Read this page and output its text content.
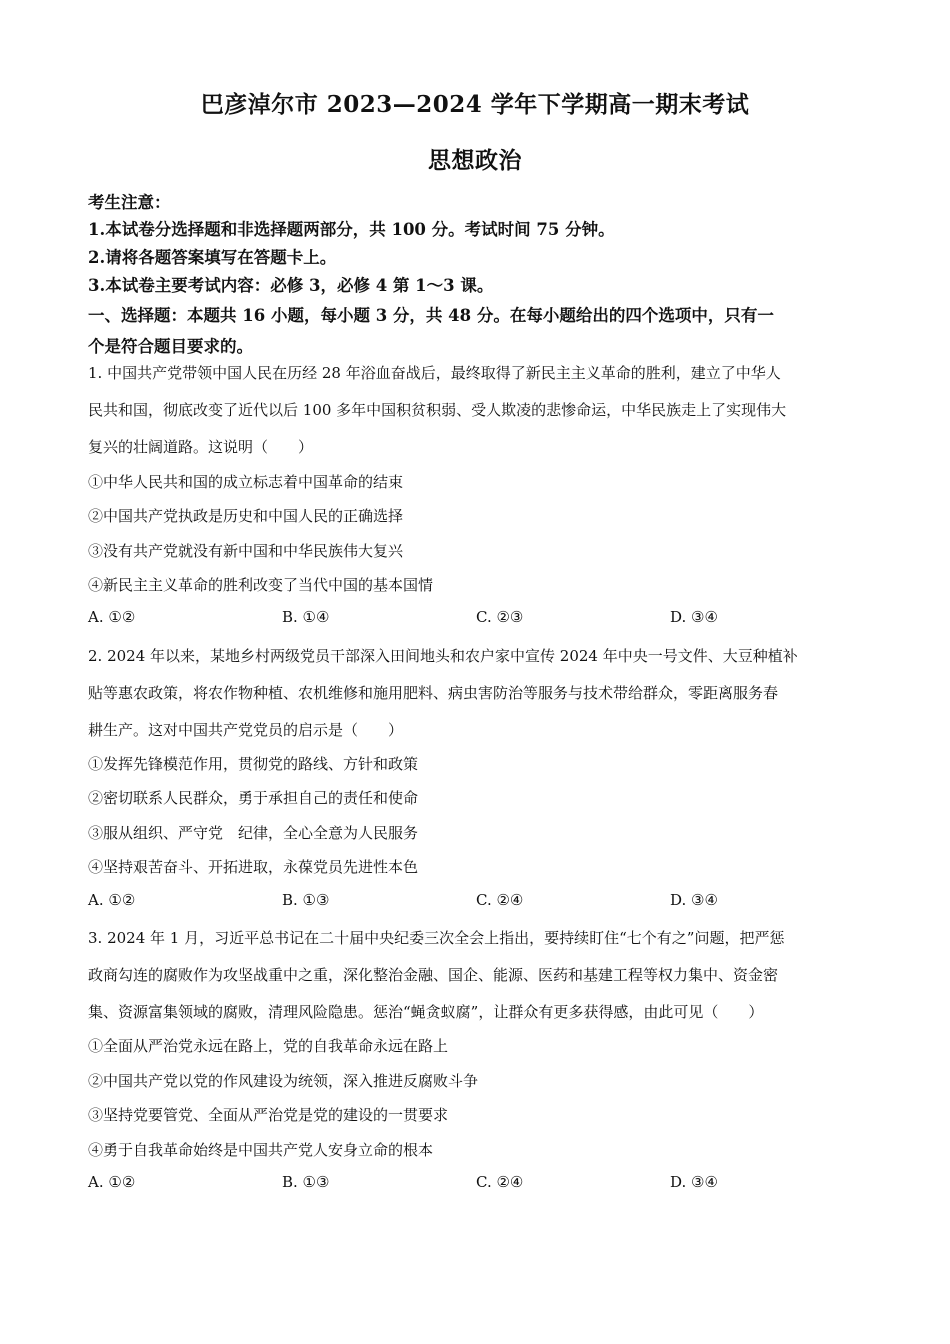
巴彦淖尔市 2023—2024 学年下学期高一期末考试
思想政治
考生注意：
1.本试卷分选择题和非选择题两部分，共 100 分。考试时间 75 分钟。
2.请将各题答案填写在答题卡上。
3.本试卷主要考试内容：必修 3，必修 4 第 1～3 课。
一、选择题：本题共 16 小题，每小题 3 分，共 48 分。在每小题给出的四个选项中，只有一
个是符合题目要求的。
1. 中国共产党带领中国人民在历经 28 年浴血奋战后，最终取得了新民主主义革命的胜利，建立了中华人
民共和国，彻底改变了近代以后 100 多年中国积贫积弱、受人欺凌的悲惨命运，中华民族走上了实现伟大
复兴的壮阔道路。这说明（　　）
①中华人民共和国的成立标志着中国革命的结束
②中国共产党执政是历史和中国人民的正确选择
③没有共产党就没有新中国和中华民族伟大复兴
④新民主主义革命的胜利改变了当代中国的基本国情
A. ①②	B. ①④	C. ②③	D. ③④
2. 2024 年以来，某地乡村两级党员干部深入田间地头和农户家中宣传 2024 年中央一号文件、大豆种植补
贴等惠农政策，将农作物种植、农机维修和施用肥料、病虫害防治等服务与技术带给群众，零距离服务春
耕生产。这对中国共产党党员的启示是（　　）
①发挥先锋模范作用，贯彻党的路线、方针和政策
②密切联系人民群众，勇于承担自己的责任和使命
③服从组织、严守党　纪律，全心全意为人民服务
④坚持艰苦奋斗、开拓进取，永葆党员先进性本色
A. ①②	B. ①③	C. ②④	D. ③④
3. 2024 年 1 月，习近平总书记在二十届中央纪委三次全会上指出，要持续盯住“七个有之”问题，把严惩
政商勾连的腐败作为攻坚战重中之重，深化整治金融、国企、能源、医药和基建工程等权力集中、资金密
集、资源富集领域的腐败，清理风险隐患。惩治“蝇贪蚁腐”，让群众有更多获得感，由此可见（　　）
①全面从严治党永远在路上，党的自我革命永远在路上
②中国共产党以党的作风建设为统领，深入推进反腐败斗争
③坚持党要管党、全面从严治党是党的建设的一贯要求
④勇于自我革命始终是中国共产党人安身立命的根本
A. ①②	B. ①③	C. ②④	D. ③④
